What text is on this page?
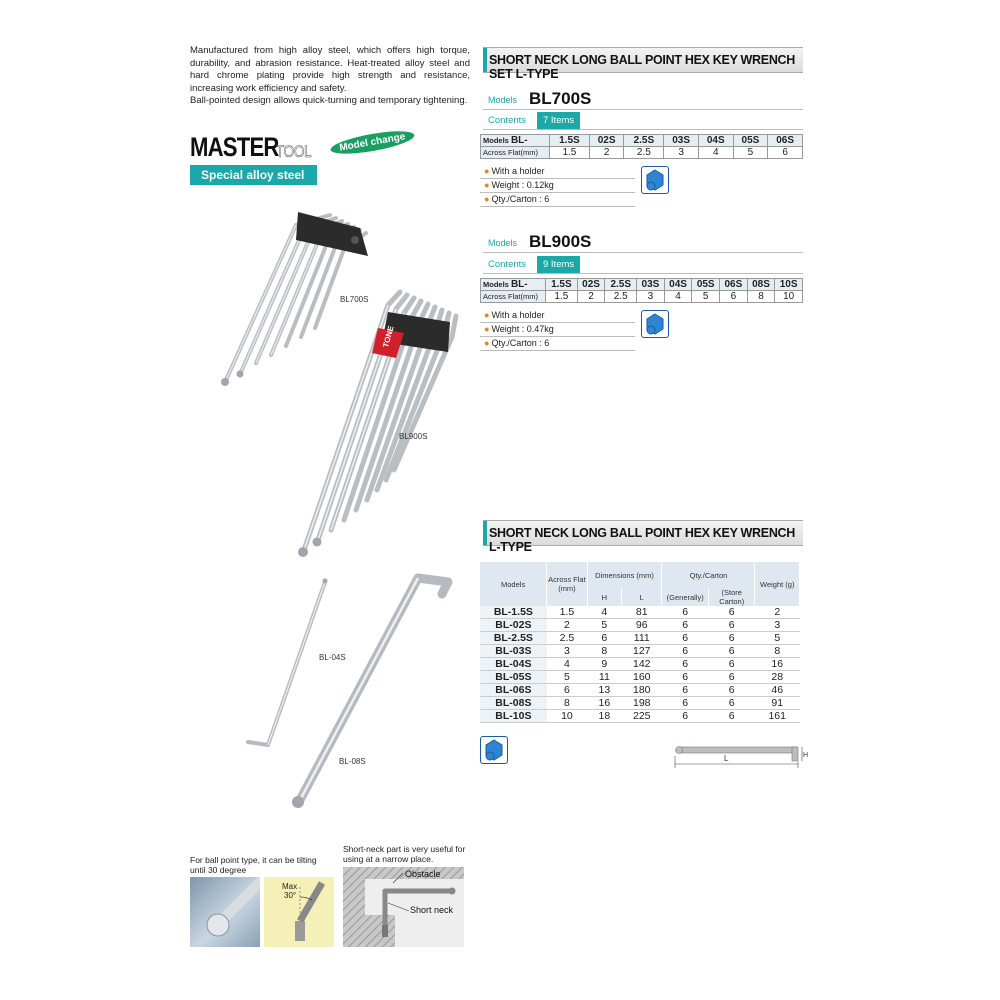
Manufactured from high alloy steel, which offers high torque, durability, and abrasion resistance. Heat-treated alloy steel and hard chrome plating provide high strength and resistance, increasing work efficiency and safety.

Ball-pointed design allows quick-turning and temporary tightening.

MASTER
TOOL	Model change
Special alloy steel
TONE
BL700S
BL900S
BL-04S
BL-08S
SHORT NECK LONG BALL POINT HEX KEY WRENCH SET L-TYPE
Models BL700S
Contents	7 Items
Models BL-	1.5S	02S	2.5S	03S	04S	05S	06S
Across Flat(mm)	1.5	2	2.5	3	4	5	6
● With a holder
● Weight : 0.12kg
● Qty./Carton : 6
Models BL900S
Contents	9 Items
Models BL-	1.5S	02S	2.5S	03S	04S	05S	06S	08S	10S
Across Flat(mm)	1.5	2	2.5	3	4	5	6	8	10
● With a holder
● Weight : 0.47kg
● Qty./Carton : 6
SHORT NECK LONG BALL POINT HEX KEY WRENCH L-TYPE
Models	Across Flat (mm)	Dimensions (mm)		Qty./Carton		Weight (g)
		H	L	(Generally)	(Store Carton)	
BL-1.5S	1.5	4	81	6	6	2
BL-02S	2	5	96	6	6	3
BL-2.5S	2.5	6	111	6	6	5
BL-03S	3	8	127	6	6	8
BL-04S	4	9	142	6	6	16
BL-05S	5	11	160	6	6	28
BL-06S	6	13	180	6	6	46
BL-08S	8	16	198	6	6	91
BL-10S	10	18	225	6	6	161
L	H
For ball point type, it can be tilting until 30 degree
Max
30°
Short-neck part is very useful for using at a narrow place.
Obstacle
Short neck
